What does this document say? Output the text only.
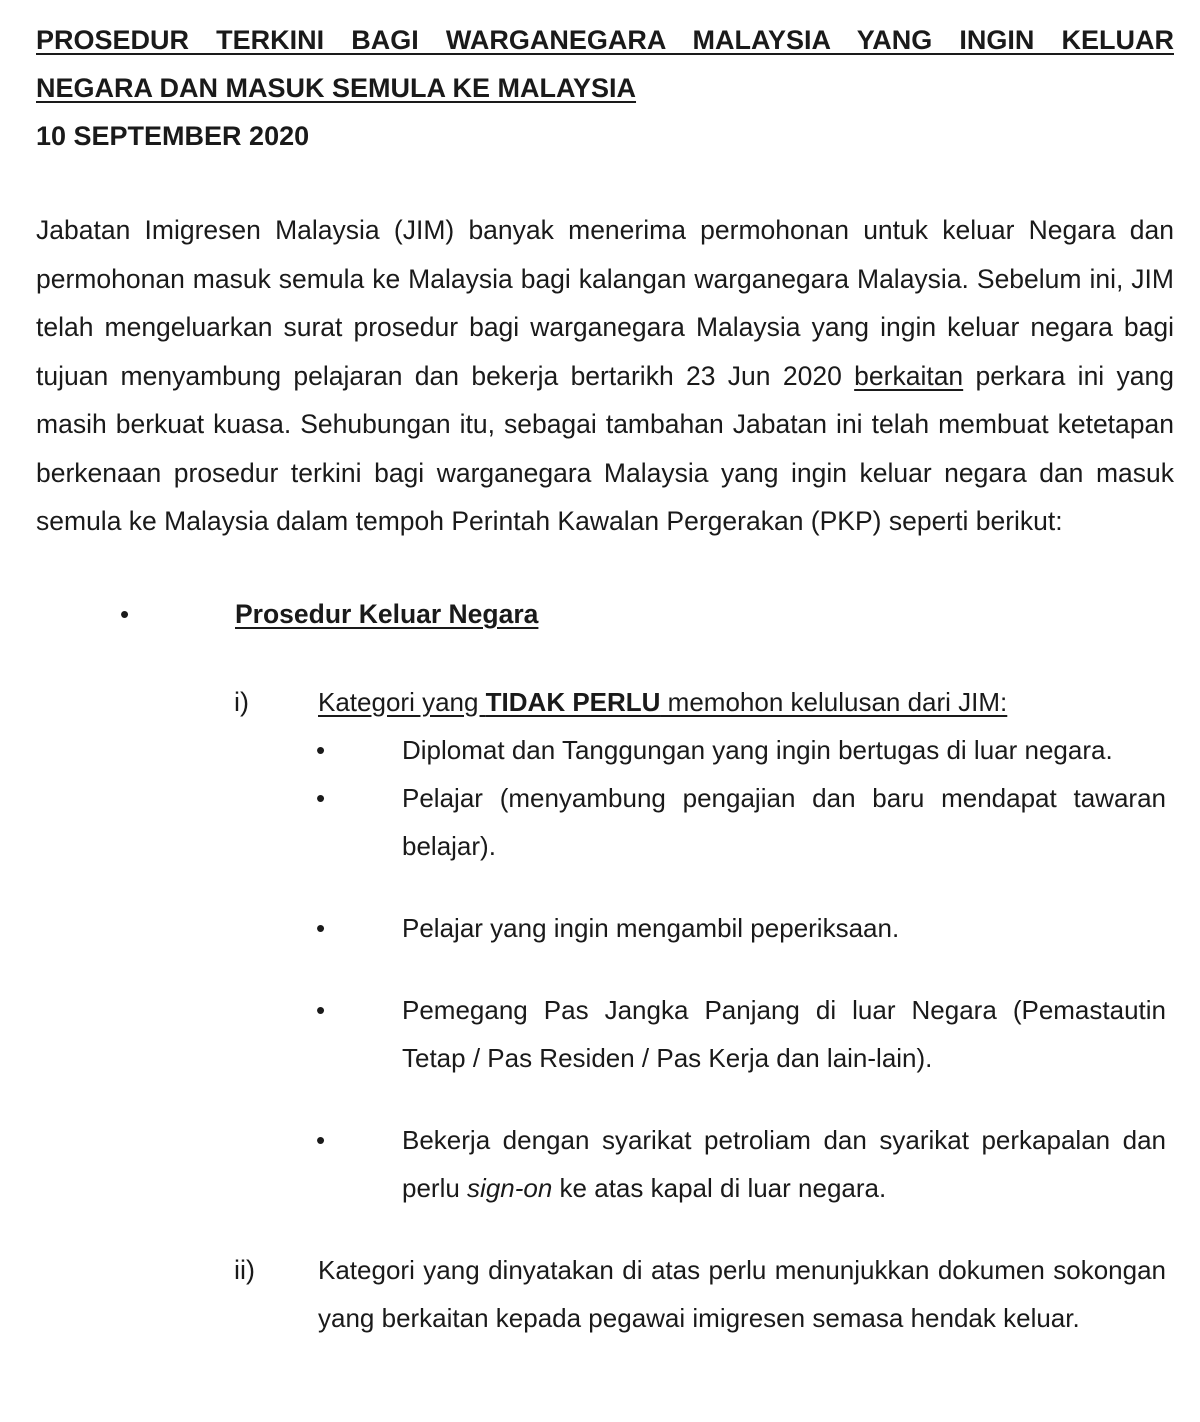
PROSEDUR TERKINI BAGI WARGANEGARA MALAYSIA YANG INGIN KELUAR
NEGARA DAN MASUK SEMULA KE MALAYSIA
10 SEPTEMBER 2020
Jabatan Imigresen Malaysia (JIM) banyak menerima permohonan untuk keluar Negara dan permohonan masuk semula ke Malaysia bagi kalangan warganegara Malaysia. Sebelum ini, JIM telah mengeluarkan surat prosedur bagi warganegara Malaysia yang ingin keluar negara bagi tujuan menyambung pelajaran dan bekerja bertarikh 23 Jun 2020 berkaitan perkara ini yang masih berkuat kuasa. Sehubungan itu, sebagai tambahan Jabatan ini telah membuat ketetapan berkenaan prosedur terkini bagi warganegara Malaysia yang ingin keluar negara dan masuk semula ke Malaysia dalam tempoh Perintah Kawalan Pergerakan (PKP) seperti berikut:
•	Prosedur Keluar Negara
i)	Kategori yang TIDAK PERLU memohon kelulusan dari JIM:
•	Diplomat dan Tanggungan yang ingin bertugas di luar negara.
•	Pelajar (menyambung pengajian dan baru mendapat tawaran belajar).
•	Pelajar yang ingin mengambil peperiksaan.
•	Pemegang Pas Jangka Panjang di luar Negara (Pemastautin Tetap / Pas Residen / Pas Kerja dan lain-lain).
•	Bekerja dengan syarikat petroliam dan syarikat perkapalan dan perlu sign-on ke atas kapal di luar negara.
ii) Kategori yang dinyatakan di atas perlu menunjukkan dokumen sokongan yang berkaitan kepada pegawai imigresen semasa hendak keluar.
